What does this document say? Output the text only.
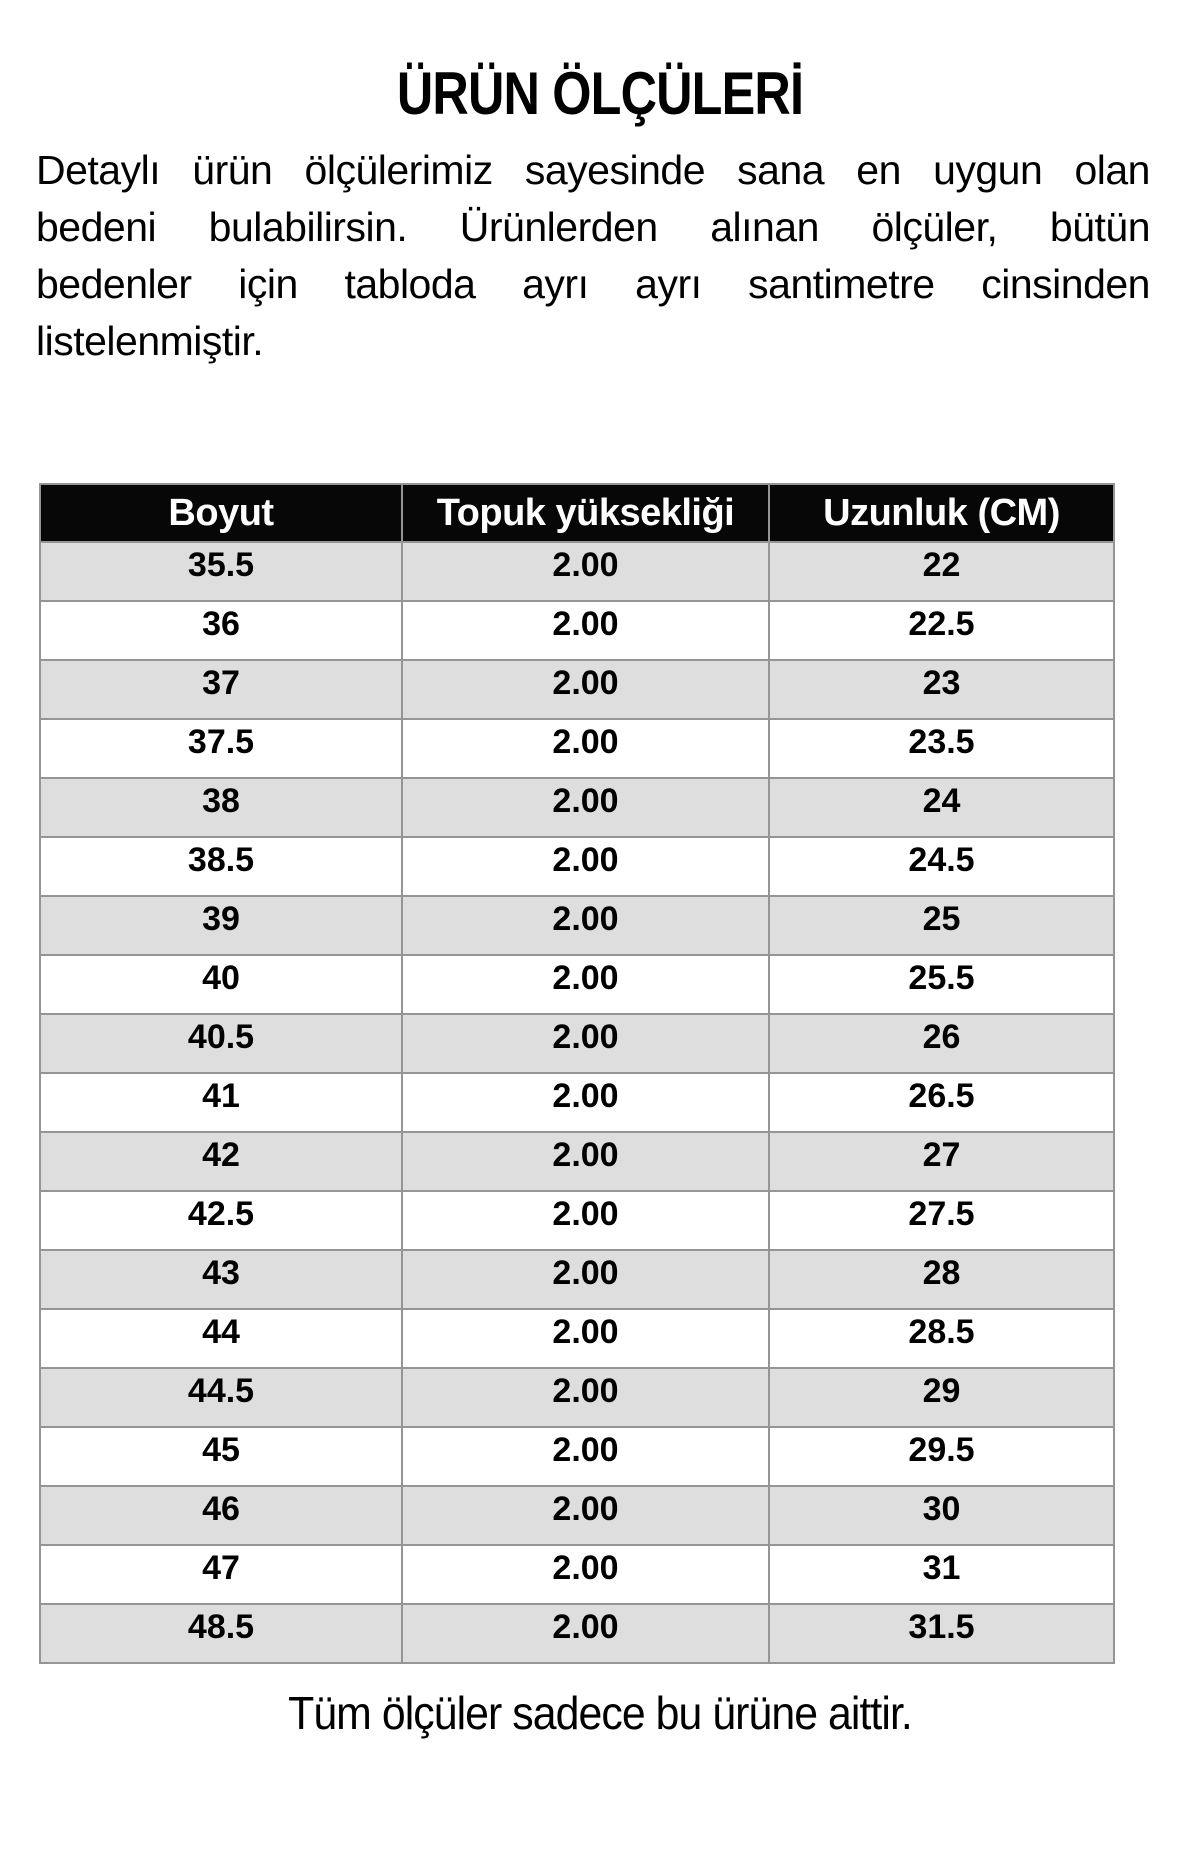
ÜRÜN ÖLÇÜLERİ
Detaylı ürün ölçülerimiz sayesinde sana en uygun olan
bedeni bulabilirsin. Ürünlerden alınan ölçüler, bütün
bedenler için tabloda ayrı ayrı santimetre cinsinden
listelenmiştir.
Boyut	Topuk yüksekliği	Uzunluk (CM)
35.5	2.00	22
36	2.00	22.5
37	2.00	23
37.5	2.00	23.5
38	2.00	24
38.5	2.00	24.5
39	2.00	25
40	2.00	25.5
40.5	2.00	26
41	2.00	26.5
42	2.00	27
42.5	2.00	27.5
43	2.00	28
44	2.00	28.5
44.5	2.00	29
45	2.00	29.5
46	2.00	30
47	2.00	31
48.5	2.00	31.5
Tüm ölçüler sadece bu ürüne aittir.
